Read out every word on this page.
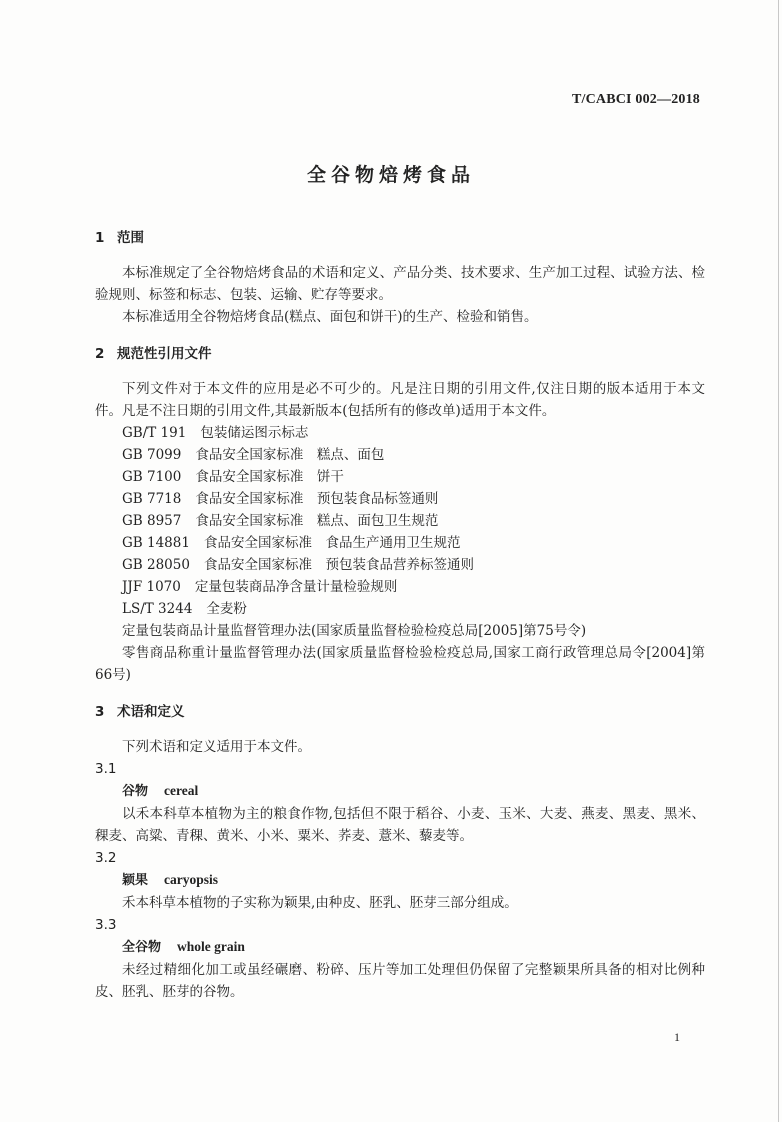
T/CABCI 002—2018
全谷物焙烤食品

1 范围

本标准规定了全谷物焙烤食品的术语和定义、产品分类、技术要求、生产加工过程、试验方法、检验规则、标签和标志、包装、运输、贮存等要求。

本标准适用全谷物焙烤食品(糕点、面包和饼干)的生产、检验和销售。

2 规范性引用文件

下列文件对于本文件的应用是必不可少的。凡是注日期的引用文件,仅注日期的版本适用于本文件。凡是不注日期的引用文件,其最新版本(包括所有的修改单)适用于本文件。

GB/T 191 包装储运图示标志

GB 7099 食品安全国家标准　糕点、面包

GB 7100 食品安全国家标准　饼干

GB 7718 食品安全国家标准　预包装食品标签通则

GB 8957 食品安全国家标准　糕点、面包卫生规范

GB 14881 食品安全国家标准　食品生产通用卫生规范

GB 28050 食品安全国家标准　预包装食品营养标签通则

JJF 1070 定量包装商品净含量计量检验规则

LS/T 3244 全麦粉

定量包装商品计量监督管理办法(国家质量监督检验检疫总局[2005]第75号令)

零售商品称重计量监督管理办法(国家质量监督检验检疫总局,国家工商行政管理总局令[2004]第66号)

3 术语和定义

下列术语和定义适用于本文件。

3.1

谷物 cereal

以禾本科草本植物为主的粮食作物,包括但不限于稻谷、小麦、玉米、大麦、燕麦、黑麦、黑米、稞麦、高粱、青稞、黄米、小米、粟米、荞麦、薏米、藜麦等。

3.2

颖果 caryopsis

禾本科草本植物的子实称为颖果,由种皮、胚乳、胚芽三部分组成。

3.3

全谷物 whole grain

未经过精细化加工或虽经碾磨、粉碎、压片等加工处理但仍保留了完整颖果所具备的相对比例种皮、胚乳、胚芽的谷物。

1
